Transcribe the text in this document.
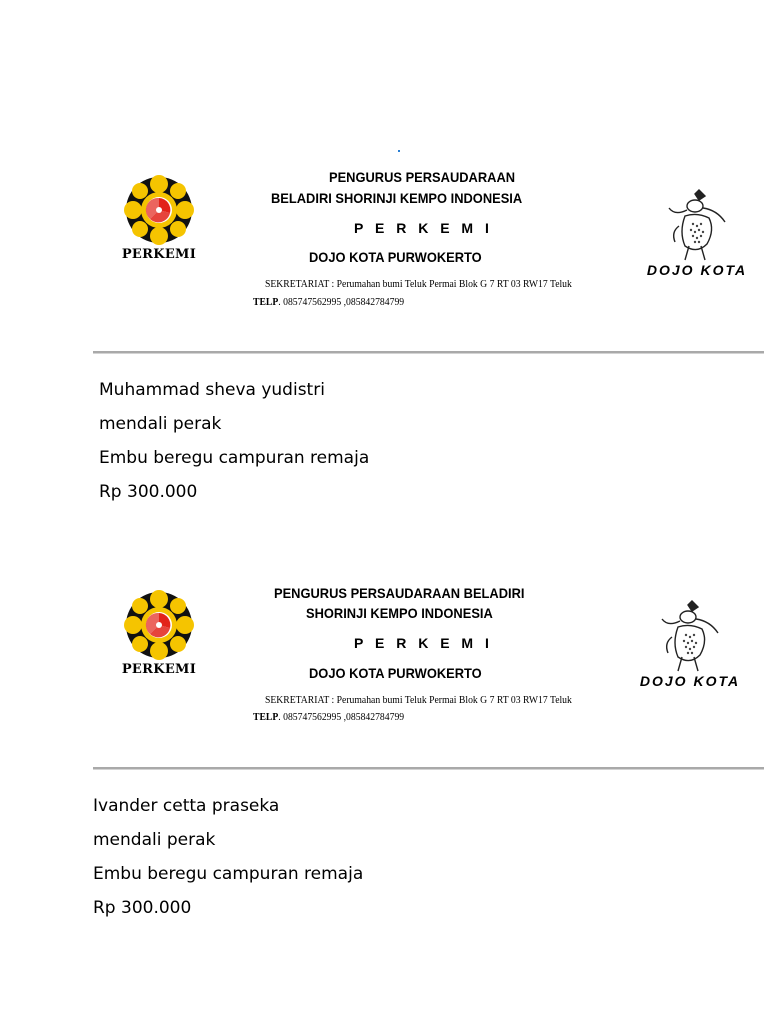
PERKEMI
PENGURUS PERSAUDARAAN
BELADIRI SHORINJI KEMPO INDONESIA
P E R K E M I
DOJO KOTA PURWOKERTO
SEKRETARIAT : Perumahan bumi Teluk Permai Blok G 7 RT 03 RW17 Teluk
TELP. 085747562995 ,085842784799
DOJO KOTA
Muhammad sheva yudistri
mendali perak
Embu beregu campuran remaja
Rp 300.000
PERKEMI
PENGURUS PERSAUDARAAN BELADIRI
SHORINJI KEMPO INDONESIA
P E R K E M I
DOJO KOTA PURWOKERTO
SEKRETARIAT : Perumahan bumi Teluk Permai Blok G 7 RT 03 RW17 Teluk
TELP. 085747562995 ,085842784799
DOJO KOTA
Ivander cetta praseka
mendali perak
Embu beregu campuran remaja
Rp 300.000
